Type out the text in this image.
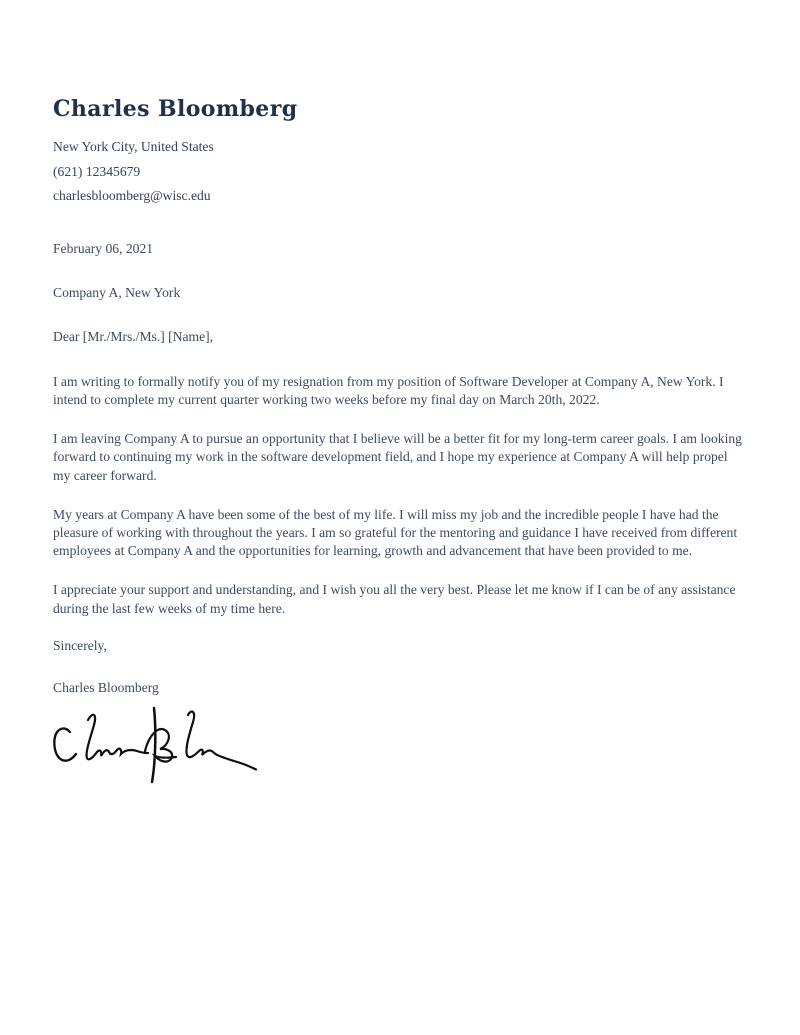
Charles Bloomberg
New York City, United States
(621) 12345679
charlesbloomberg@wisc.edu
February 06, 2021
Company A, New York
Dear [Mr./Mrs./Ms.] [Name],

I am writing to formally notify you of my resignation from my position of Software Developer at Company A, New York. I intend to complete my current quarter working two weeks before my final day on March 20th, 2022.

I am leaving Company A to pursue an opportunity that I believe will be a better fit for my long-term career goals. I am looking forward to continuing my work in the software development field, and I hope my experience at Company A will help propel my career forward.

My years at Company A have been some of the best of my life. I will miss my job and the incredible people I have had the pleasure of working with throughout the years. I am so grateful for the mentoring and guidance I have received from different employees at Company A and the opportunities for learning, growth and advancement that have been provided to me.

I appreciate your support and understanding, and I wish you all the very best. Please let me know if I can be of any assistance during the last few weeks of my time here.

Sincerely,
Charles Bloomberg
